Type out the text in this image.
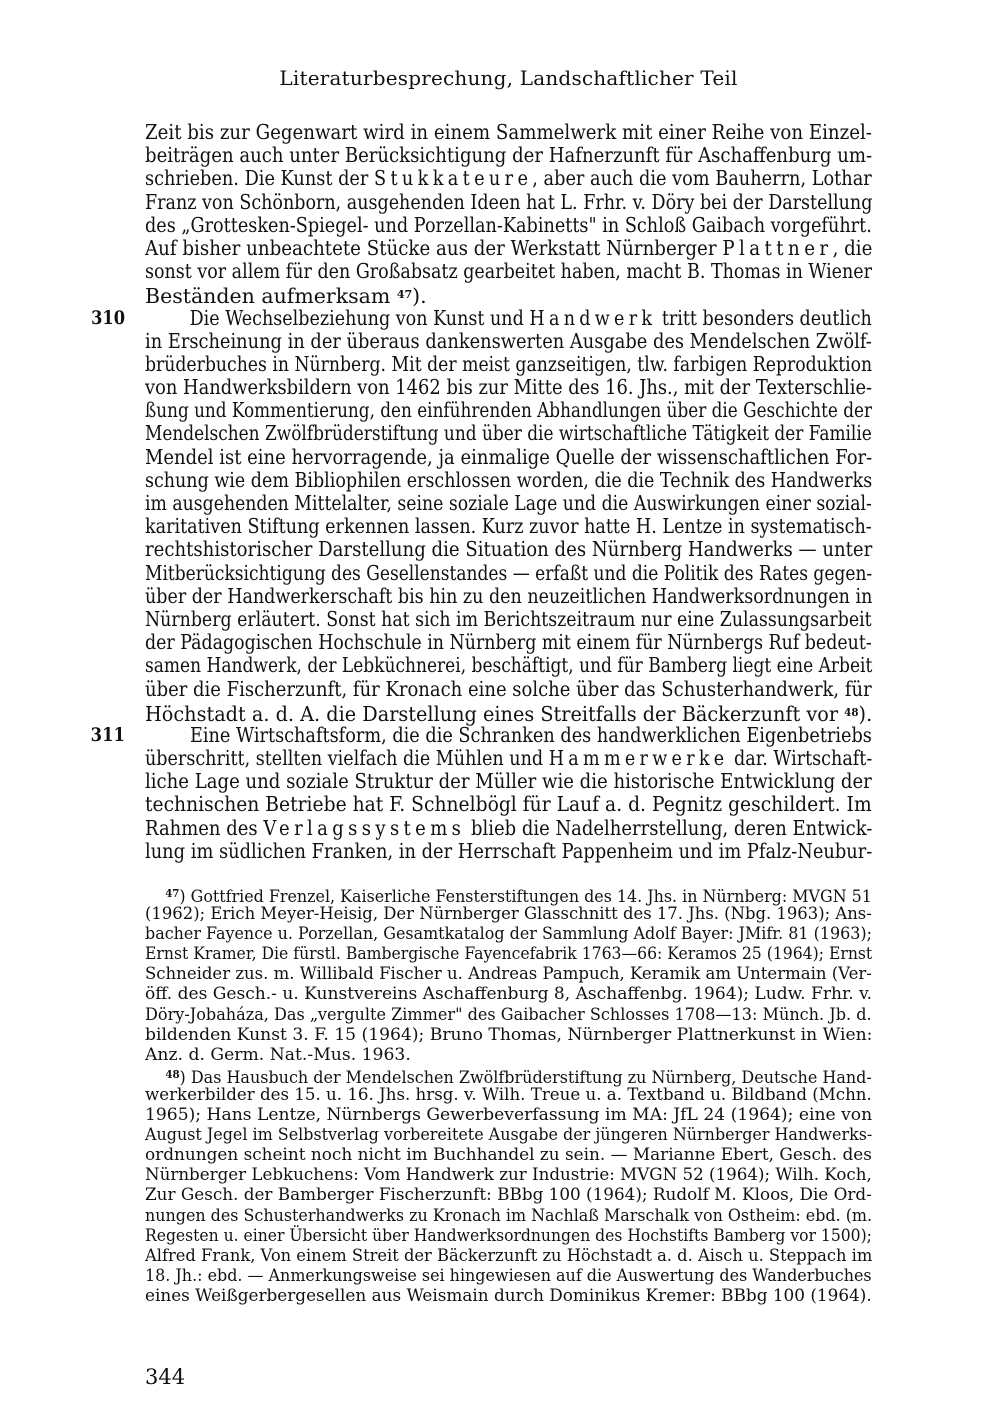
Literaturbesprechung, Landschaftlicher Teil
Zeit bis zur Gegenwart wird in einem Sammelwerk mit einer Reihe von Einzel-
beiträgen auch unter Berücksichtigung der Hafnerzunft für Aschaffenburg um-
schrieben. Die Kunst der Stukkateure, aber auch die vom Bauherrn, Lothar
Franz von Schönborn, ausgehenden Ideen hat L. Frhr. v. Döry bei der Darstellung
des „Grottesken-Spiegel- und Porzellan-Kabinetts" in Schloß Gaibach vorgeführt.
Auf bisher unbeachtete Stücke aus der Werkstatt Nürnberger Plattner, die
sonst vor allem für den Großabsatz gearbeitet haben, macht B. Thomas in Wiener
Beständen aufmerksam $^{47}$).
310	Die Wechselbeziehung von Kunst und Handwerk tritt besonders deutlich
in Erscheinung in der überaus dankenswerten Ausgabe des Mendelschen Zwölf-
brüderbuches in Nürnberg. Mit der meist ganzseitigen, tlw. farbigen Reproduktion
von Handwerksbildern von 1462 bis zur Mitte des 16. Jhs., mit der Texterschlie-
ßung und Kommentierung, den einführenden Abhandlungen über die Geschichte der
Mendelschen Zwölfbrüderstiftung und über die wirtschaftliche Tätigkeit der Familie
Mendel ist eine hervorragende, ja einmalige Quelle der wissenschaftlichen For-
schung wie dem Bibliophilen erschlossen worden, die die Technik des Handwerks
im ausgehenden Mittelalter, seine soziale Lage und die Auswirkungen einer sozial-
karitativen Stiftung erkennen lassen. Kurz zuvor hatte H. Lentze in systematisch-
rechtshistorischer Darstellung die Situation des Nürnberg Handwerks — unter
Mitberücksichtigung des Gesellenstandes — erfaßt und die Politik des Rates gegen-
über der Handwerkerschaft bis hin zu den neuzeitlichen Handwerksordnungen in
Nürnberg erläutert. Sonst hat sich im Berichtszeitraum nur eine Zulassungsarbeit
der Pädagogischen Hochschule in Nürnberg mit einem für Nürnbergs Ruf bedeut-
samen Handwerk, der Lebküchnerei, beschäftigt, und für Bamberg liegt eine Arbeit
über die Fischerzunft, für Kronach eine solche über das Schusterhandwerk, für
Höchstadt a. d. A. die Darstellung eines Streitfalls der Bäckerzunft vor $^{48}$).
311	Eine Wirtschaftsform, die die Schranken des handwerklichen Eigenbetriebs
überschritt, stellten vielfach die Mühlen und Hammerwerke dar. Wirtschaft-
liche Lage und soziale Struktur der Müller wie die historische Entwicklung der
technischen Betriebe hat F. Schnelbögl für Lauf a. d. Pegnitz geschildert. Im
Rahmen des Verlagssystems blieb die Nadelherrstellung, deren Entwick-
lung im südlichen Franken, in der Herrschaft Pappenheim und im Pfalz-Neubur-
$^{47}$) Gottfried Frenzel, Kaiserliche Fensterstiftungen des 14. Jhs. in Nürnberg: MVGN 51
(1962); Erich Meyer-Heisig, Der Nürnberger Glasschnitt des 17. Jhs. (Nbg. 1963); Ans-
bacher Fayence u. Porzellan, Gesamtkatalog der Sammlung Adolf Bayer: JMifr. 81 (1963);
Ernst Kramer, Die fürstl. Bambergische Fayencefabrik 1763—66: Keramos 25 (1964); Ernst
Schneider zus. m. Willibald Fischer u. Andreas Pampuch, Keramik am Untermain (Ver-
öff. des Gesch.- u. Kunstvereins Aschaffenburg 8, Aschaffenbg. 1964); Ludw. Frhr. v.
Döry-Jobaháza, Das „vergulte Zimmer" des Gaibacher Schlosses 1708—13: Münch. Jb. d.
bildenden Kunst 3. F. 15 (1964); Bruno Thomas, Nürnberger Plattnerkunst in Wien:
Anz. d. Germ. Nat.-Mus. 1963.
$^{48}$) Das Hausbuch der Mendelschen Zwölfbrüderstiftung zu Nürnberg, Deutsche Hand-
werkerbilder des 15. u. 16. Jhs. hrsg. v. Wilh. Treue u. a. Textband u. Bildband (Mchn.
1965); Hans Lentze, Nürnbergs Gewerbeverfassung im MA: JfL 24 (1964); eine von
August Jegel im Selbstverlag vorbereitete Ausgabe der jüngeren Nürnberger Handwerks-
ordnungen scheint noch nicht im Buchhandel zu sein. — Marianne Ebert, Gesch. des
Nürnberger Lebkuchens: Vom Handwerk zur Industrie: MVGN 52 (1964); Wilh. Koch,
Zur Gesch. der Bamberger Fischerzunft: BBbg 100 (1964); Rudolf M. Kloos, Die Ord-
nungen des Schusterhandwerks zu Kronach im Nachlaß Marschalk von Ostheim: ebd. (m.
Regesten u. einer Übersicht über Handwerksordnungen des Hochstifts Bamberg vor 1500);
Alfred Frank, Von einem Streit der Bäckerzunft zu Höchstadt a. d. Aisch u. Steppach im
18. Jh.: ebd. — Anmerkungsweise sei hingewiesen auf die Auswertung des Wanderbuches
eines Weißgerbergesellen aus Weismain durch Dominikus Kremer: BBbg 100 (1964).
344
